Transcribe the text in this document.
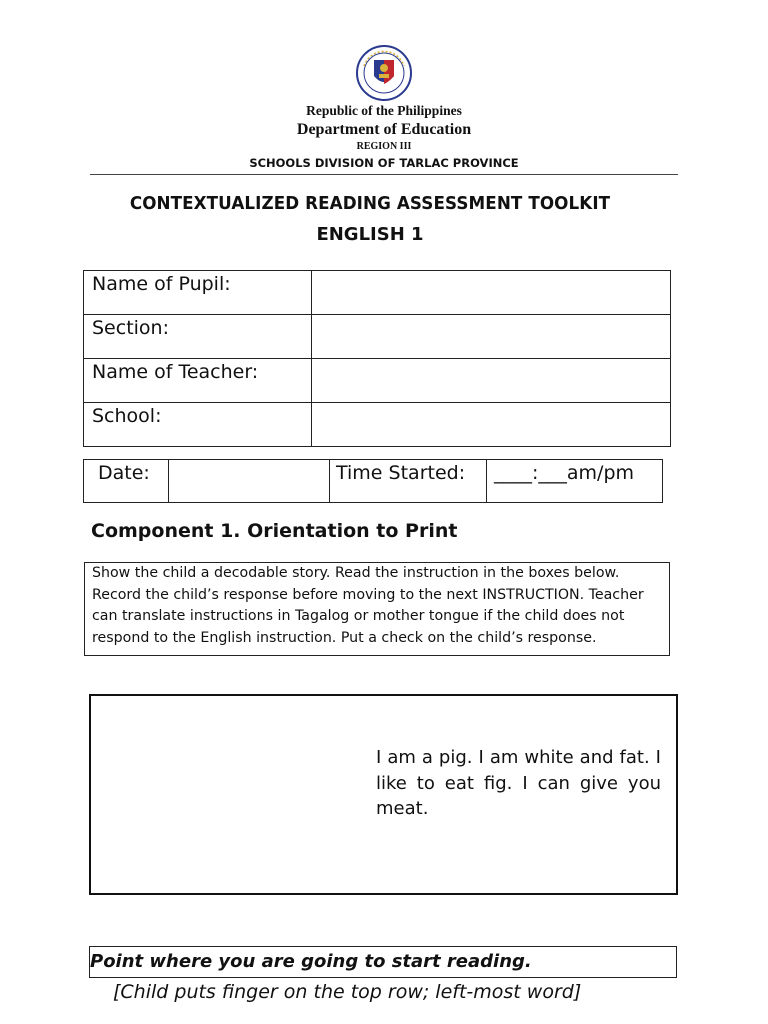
Republic of the Philippines
Department of Education
REGION III
SCHOOLS DIVISION OF TARLAC PROVINCE
CONTEXTUALIZED READING ASSESSMENT TOOLKIT
ENGLISH 1
Name of Pupil:	
Section:	
Name of Teacher:	
School:	
Date:		Time Started:	____:___am/pm
Component 1. Orientation to Print
Show the child a decodable story. Read the instruction in the boxes below. Record the child’s response before moving to the next INSTRUCTION. Teacher can translate instructions in Tagalog or mother tongue if the child does not respond to the English instruction. Put a check on the child’s response.
I am a pig. I am white and fat. I like to eat fig. I can give you meat.
Point where you are going to start reading.
[Child puts finger on the top row; left-most word]
